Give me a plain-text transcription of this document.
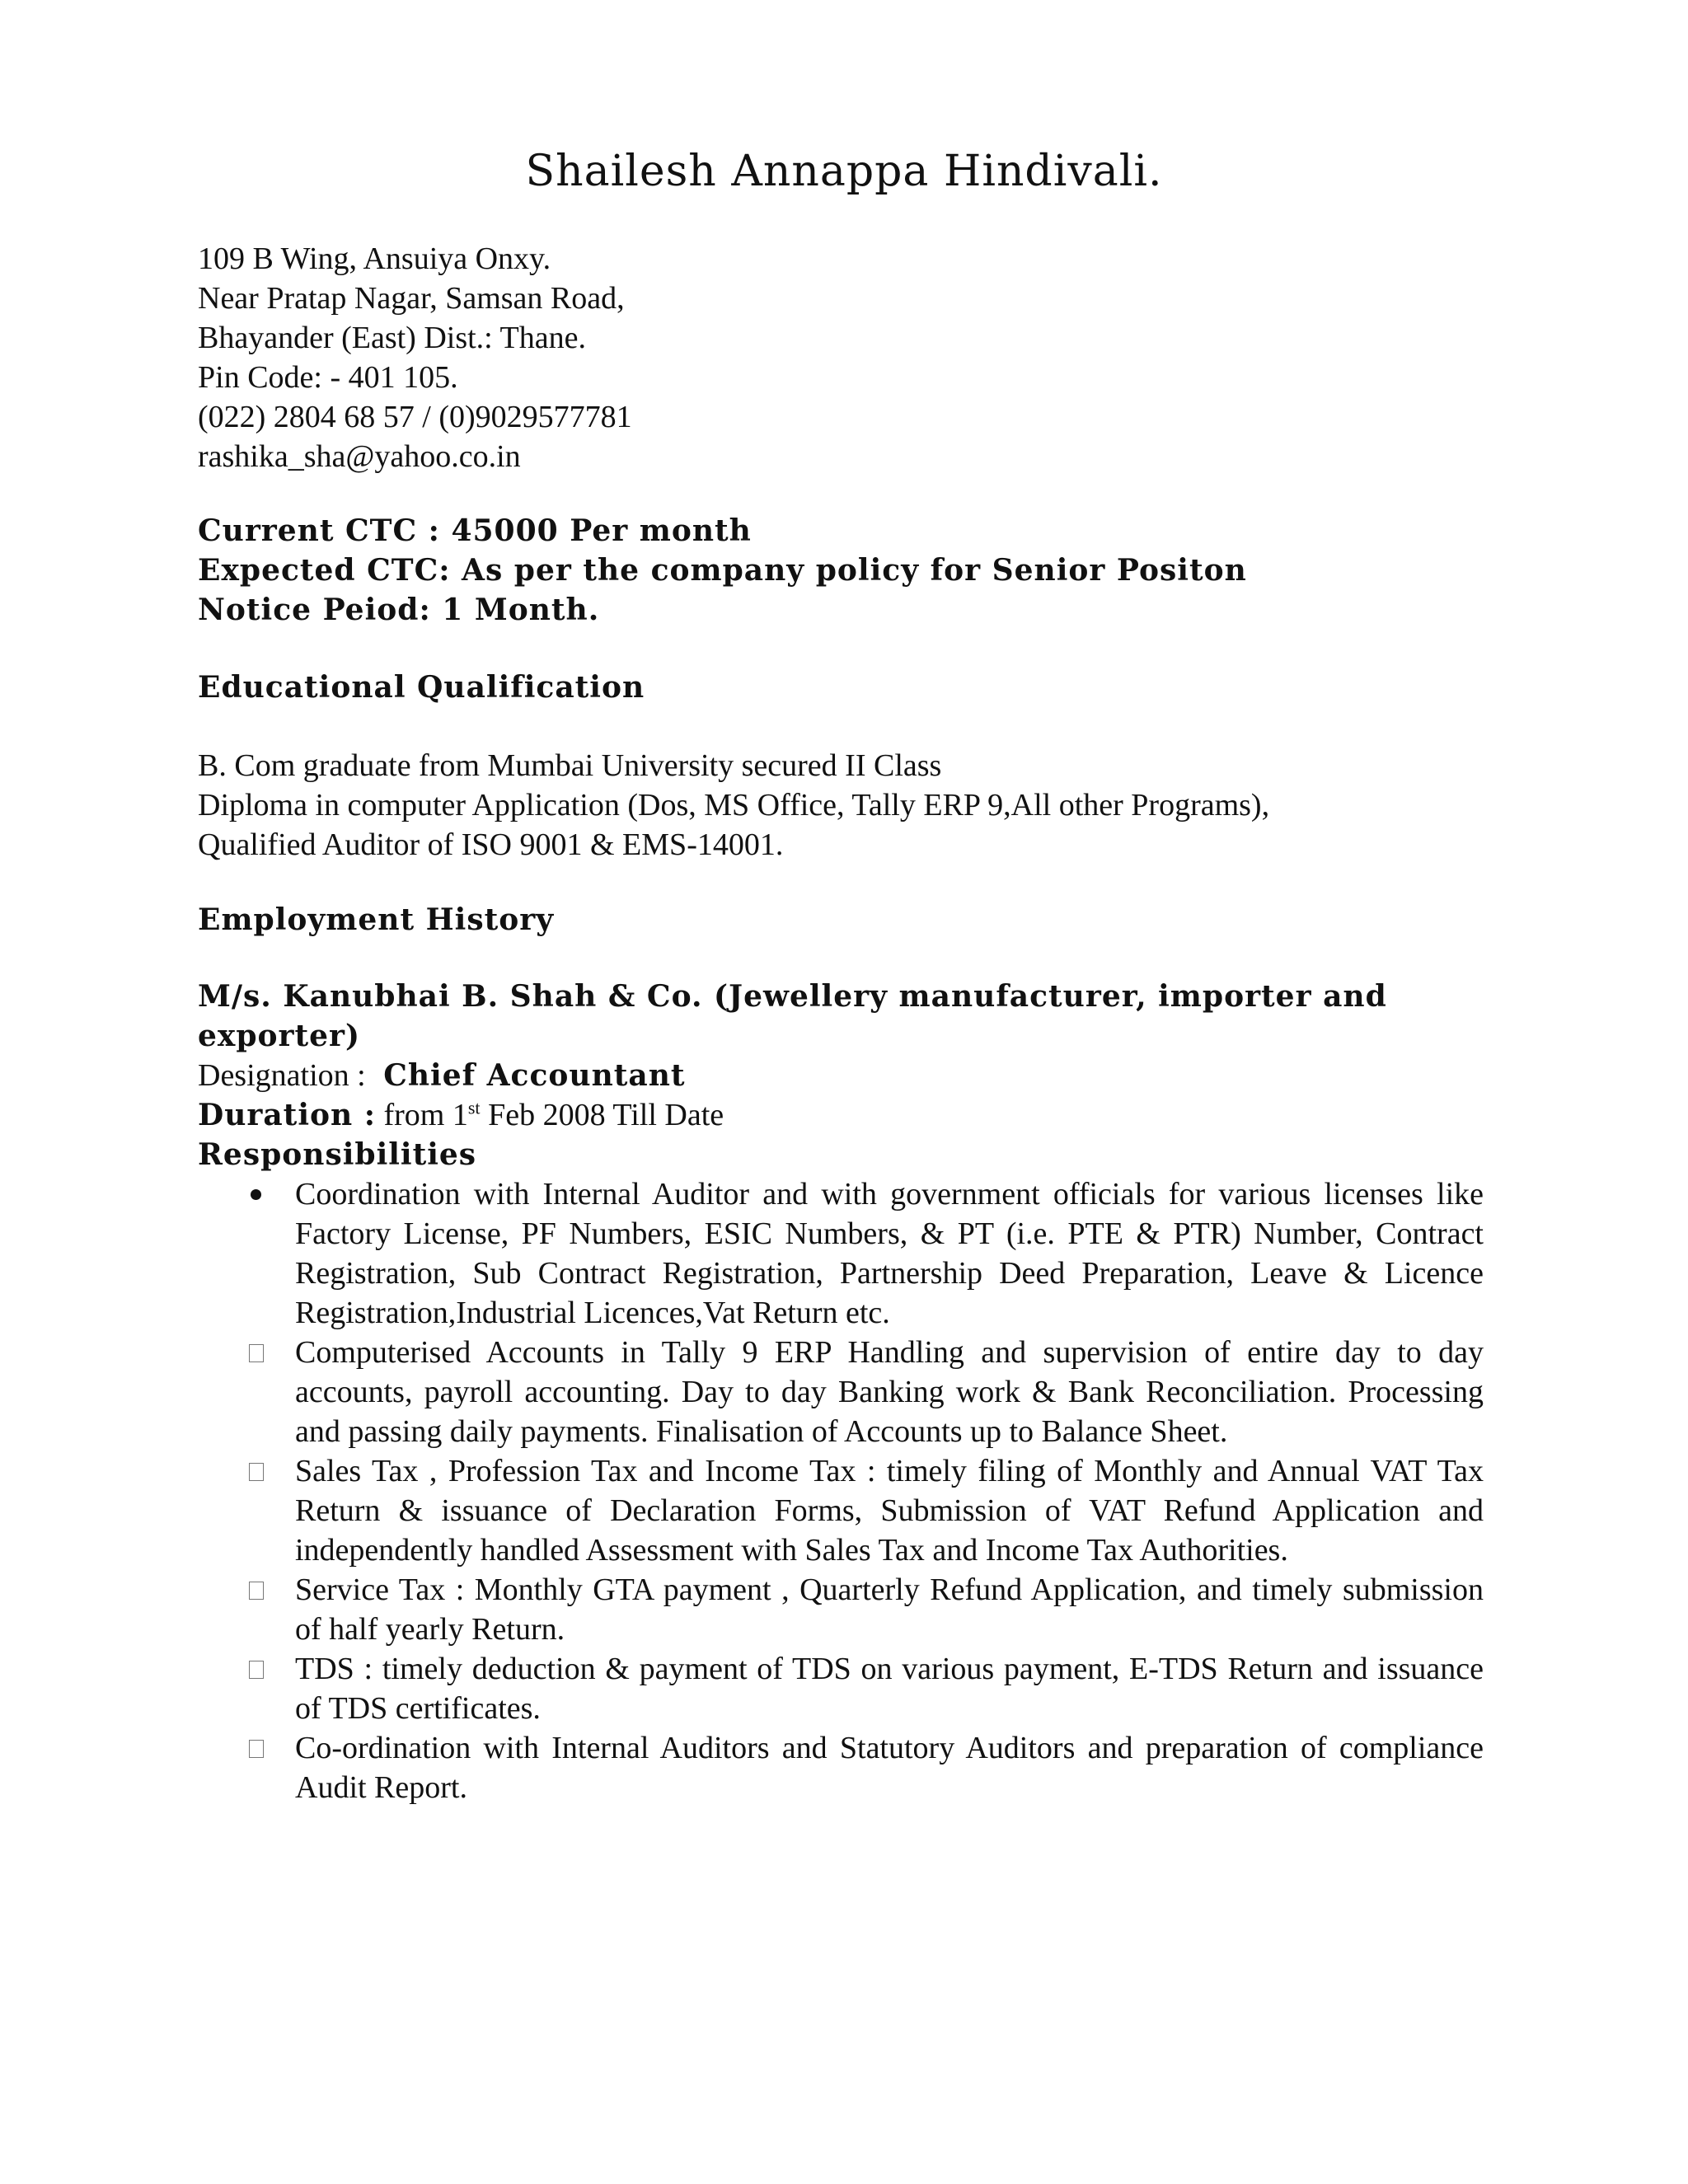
Shailesh Annappa Hindivali.
109 B Wing, Ansuiya Onxy.
Near Pratap Nagar, Samsan Road,
Bhayander (East) Dist.: Thane.
Pin Code: - 401 105.
(022) 2804 68 57 / (0)9029577781
rashika_sha@yahoo.co.in
Current CTC : 45000 Per month
Expected CTC: As per the company policy for Senior Positon
Notice Peiod: 1 Month.
Educational Qualification
B. Com graduate from Mumbai University secured II Class
Diploma in computer Application (Dos, MS Office, Tally ERP 9,All other Programs),
Qualified Auditor of ISO 9001 & EMS-14001.
Employment History
M/s. Kanubhai B. Shah & Co. (Jewellery manufacturer, importer and
exporter)
Designation : Chief Accountant
Duration : from 1st Feb 2008 Till Date
Responsibilities
Coordination with Internal Auditor and with government officials for various licenses like Factory License, PF Numbers, ESIC Numbers, & PT (i.e. PTE & PTR) Number, Contract Registration, Sub Contract Registration, Partnership Deed Preparation, Leave & Licence Registration,Industrial Licences,Vat Return etc.
Computerised Accounts in Tally 9 ERP Handling and supervision of entire day to day accounts, payroll accounting. Day to day Banking work & Bank Reconciliation. Processing and passing daily payments. Finalisation of Accounts up to Balance Sheet.
Sales Tax , Profession Tax and Income Tax : timely filing of Monthly and Annual VAT Tax Return & issuance of Declaration Forms, Submission of VAT Refund Application and independently handled Assessment with Sales Tax and Income Tax Authorities.
Service Tax : Monthly GTA payment , Quarterly Refund Application, and timely submission of half yearly Return.
TDS : timely deduction & payment of TDS on various payment, E-TDS Return and issuance of TDS certificates.
Co-ordination with Internal Auditors and Statutory Auditors and preparation of compliance Audit Report.
